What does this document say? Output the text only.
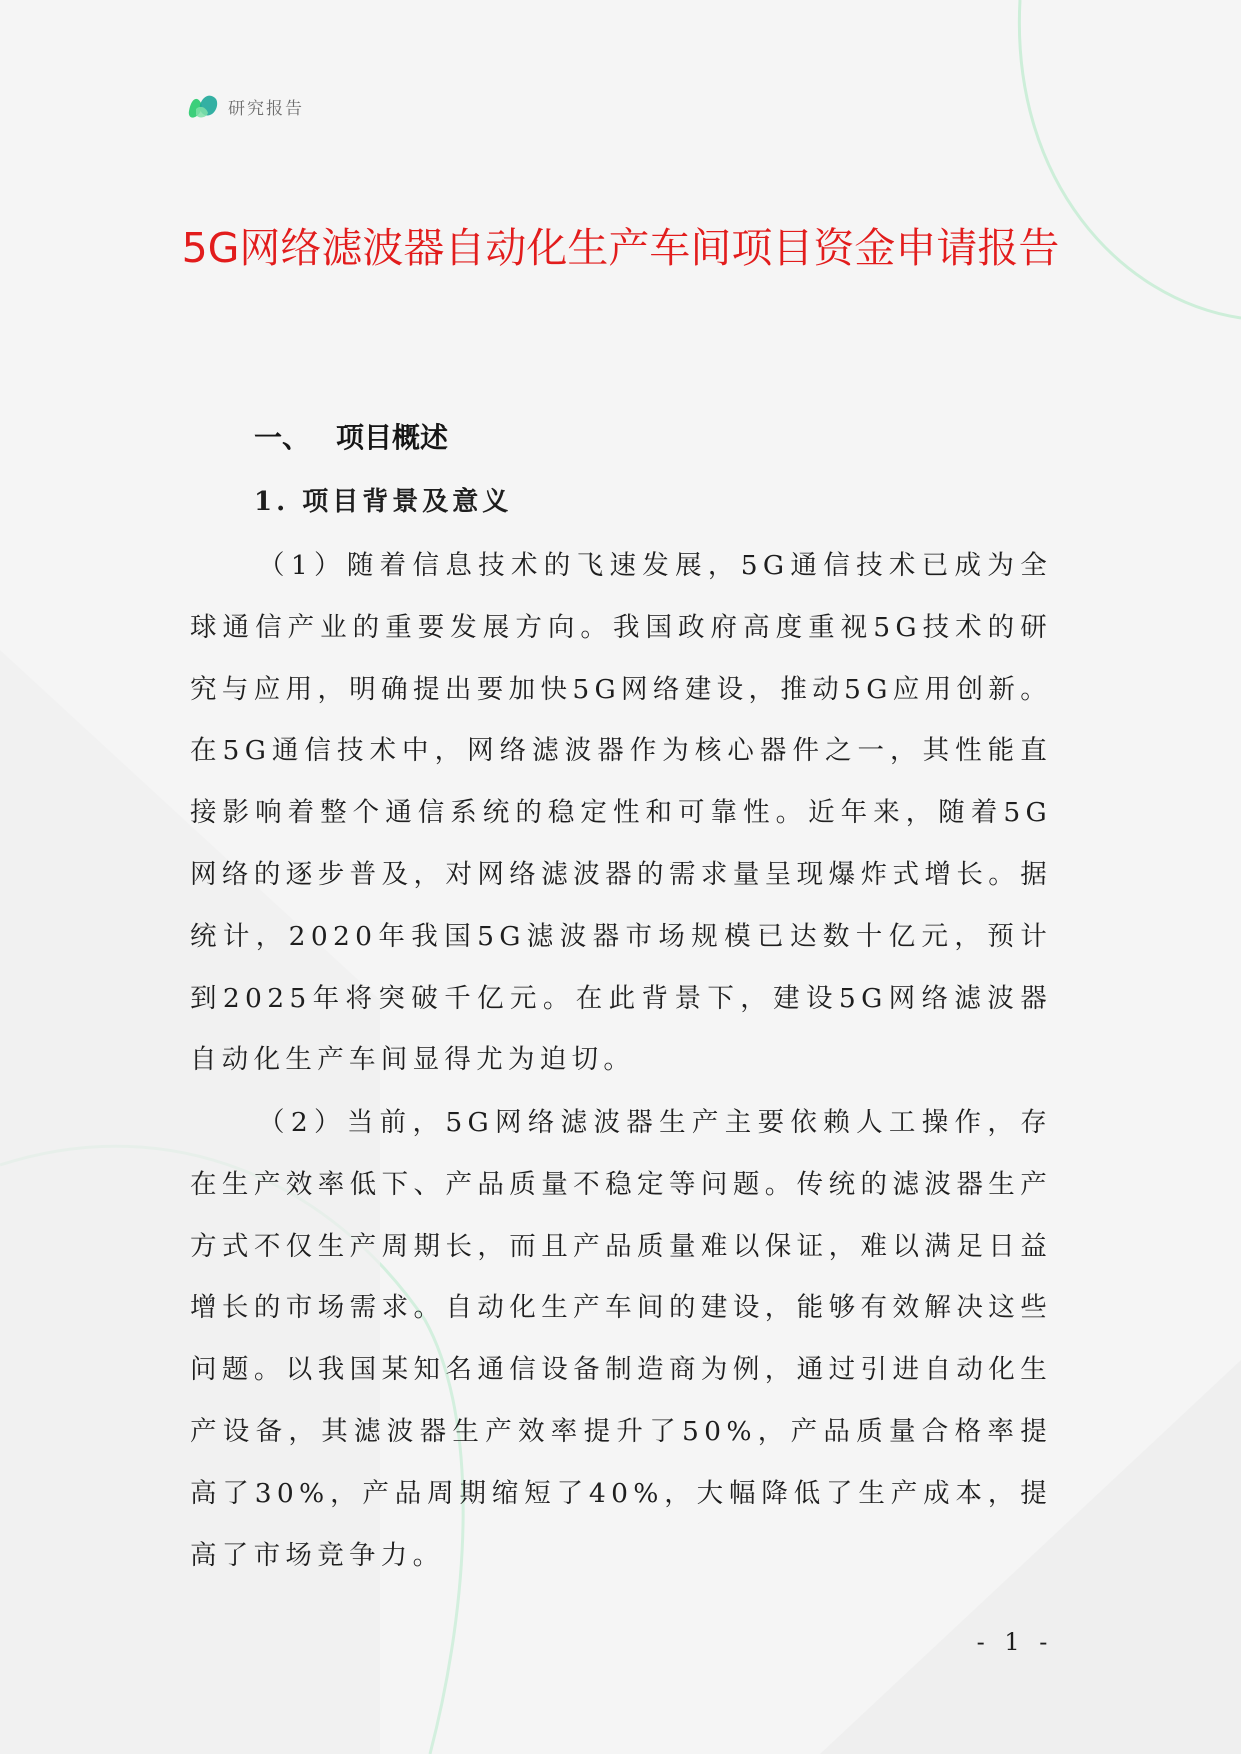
研究报告
5G网络滤波器自动化生产车间项目资金申请报告
一、 项目概述
1. 项目背景及意义

（1）随着信息技术的飞速发展，5G通信技术已成为全球通信产业的重要发展方向。我国政府高度重视5G技术的研究与应用，明确提出要加快5G网络建设，推动5G应用创新。在5G通信技术中，网络滤波器作为核心器件之一，其性能直接影响着整个通信系统的稳定性和可靠性。近年来，随着5G网络的逐步普及，对网络滤波器的需求量呈现爆炸式增长。据统计，2020年我国5G滤波器市场规模已达数十亿元，预计到2025年将突破千亿元。在此背景下，建设5G网络滤波器自动化生产车间显得尤为迫切。

（2）当前，5G网络滤波器生产主要依赖人工操作，存在生产效率低下、产品质量不稳定等问题。传统的滤波器生产方式不仅生产周期长，而且产品质量难以保证，难以满足日益增长的市场需求。自动化生产车间的建设，能够有效解决这些问题。以我国某知名通信设备制造商为例，通过引进自动化生产设备，其滤波器生产效率提升了50%，产品质量合格率提高了30%，产品周期缩短了40%，大幅降低了生产成本，提高了市场竞争力。

- 1 -
